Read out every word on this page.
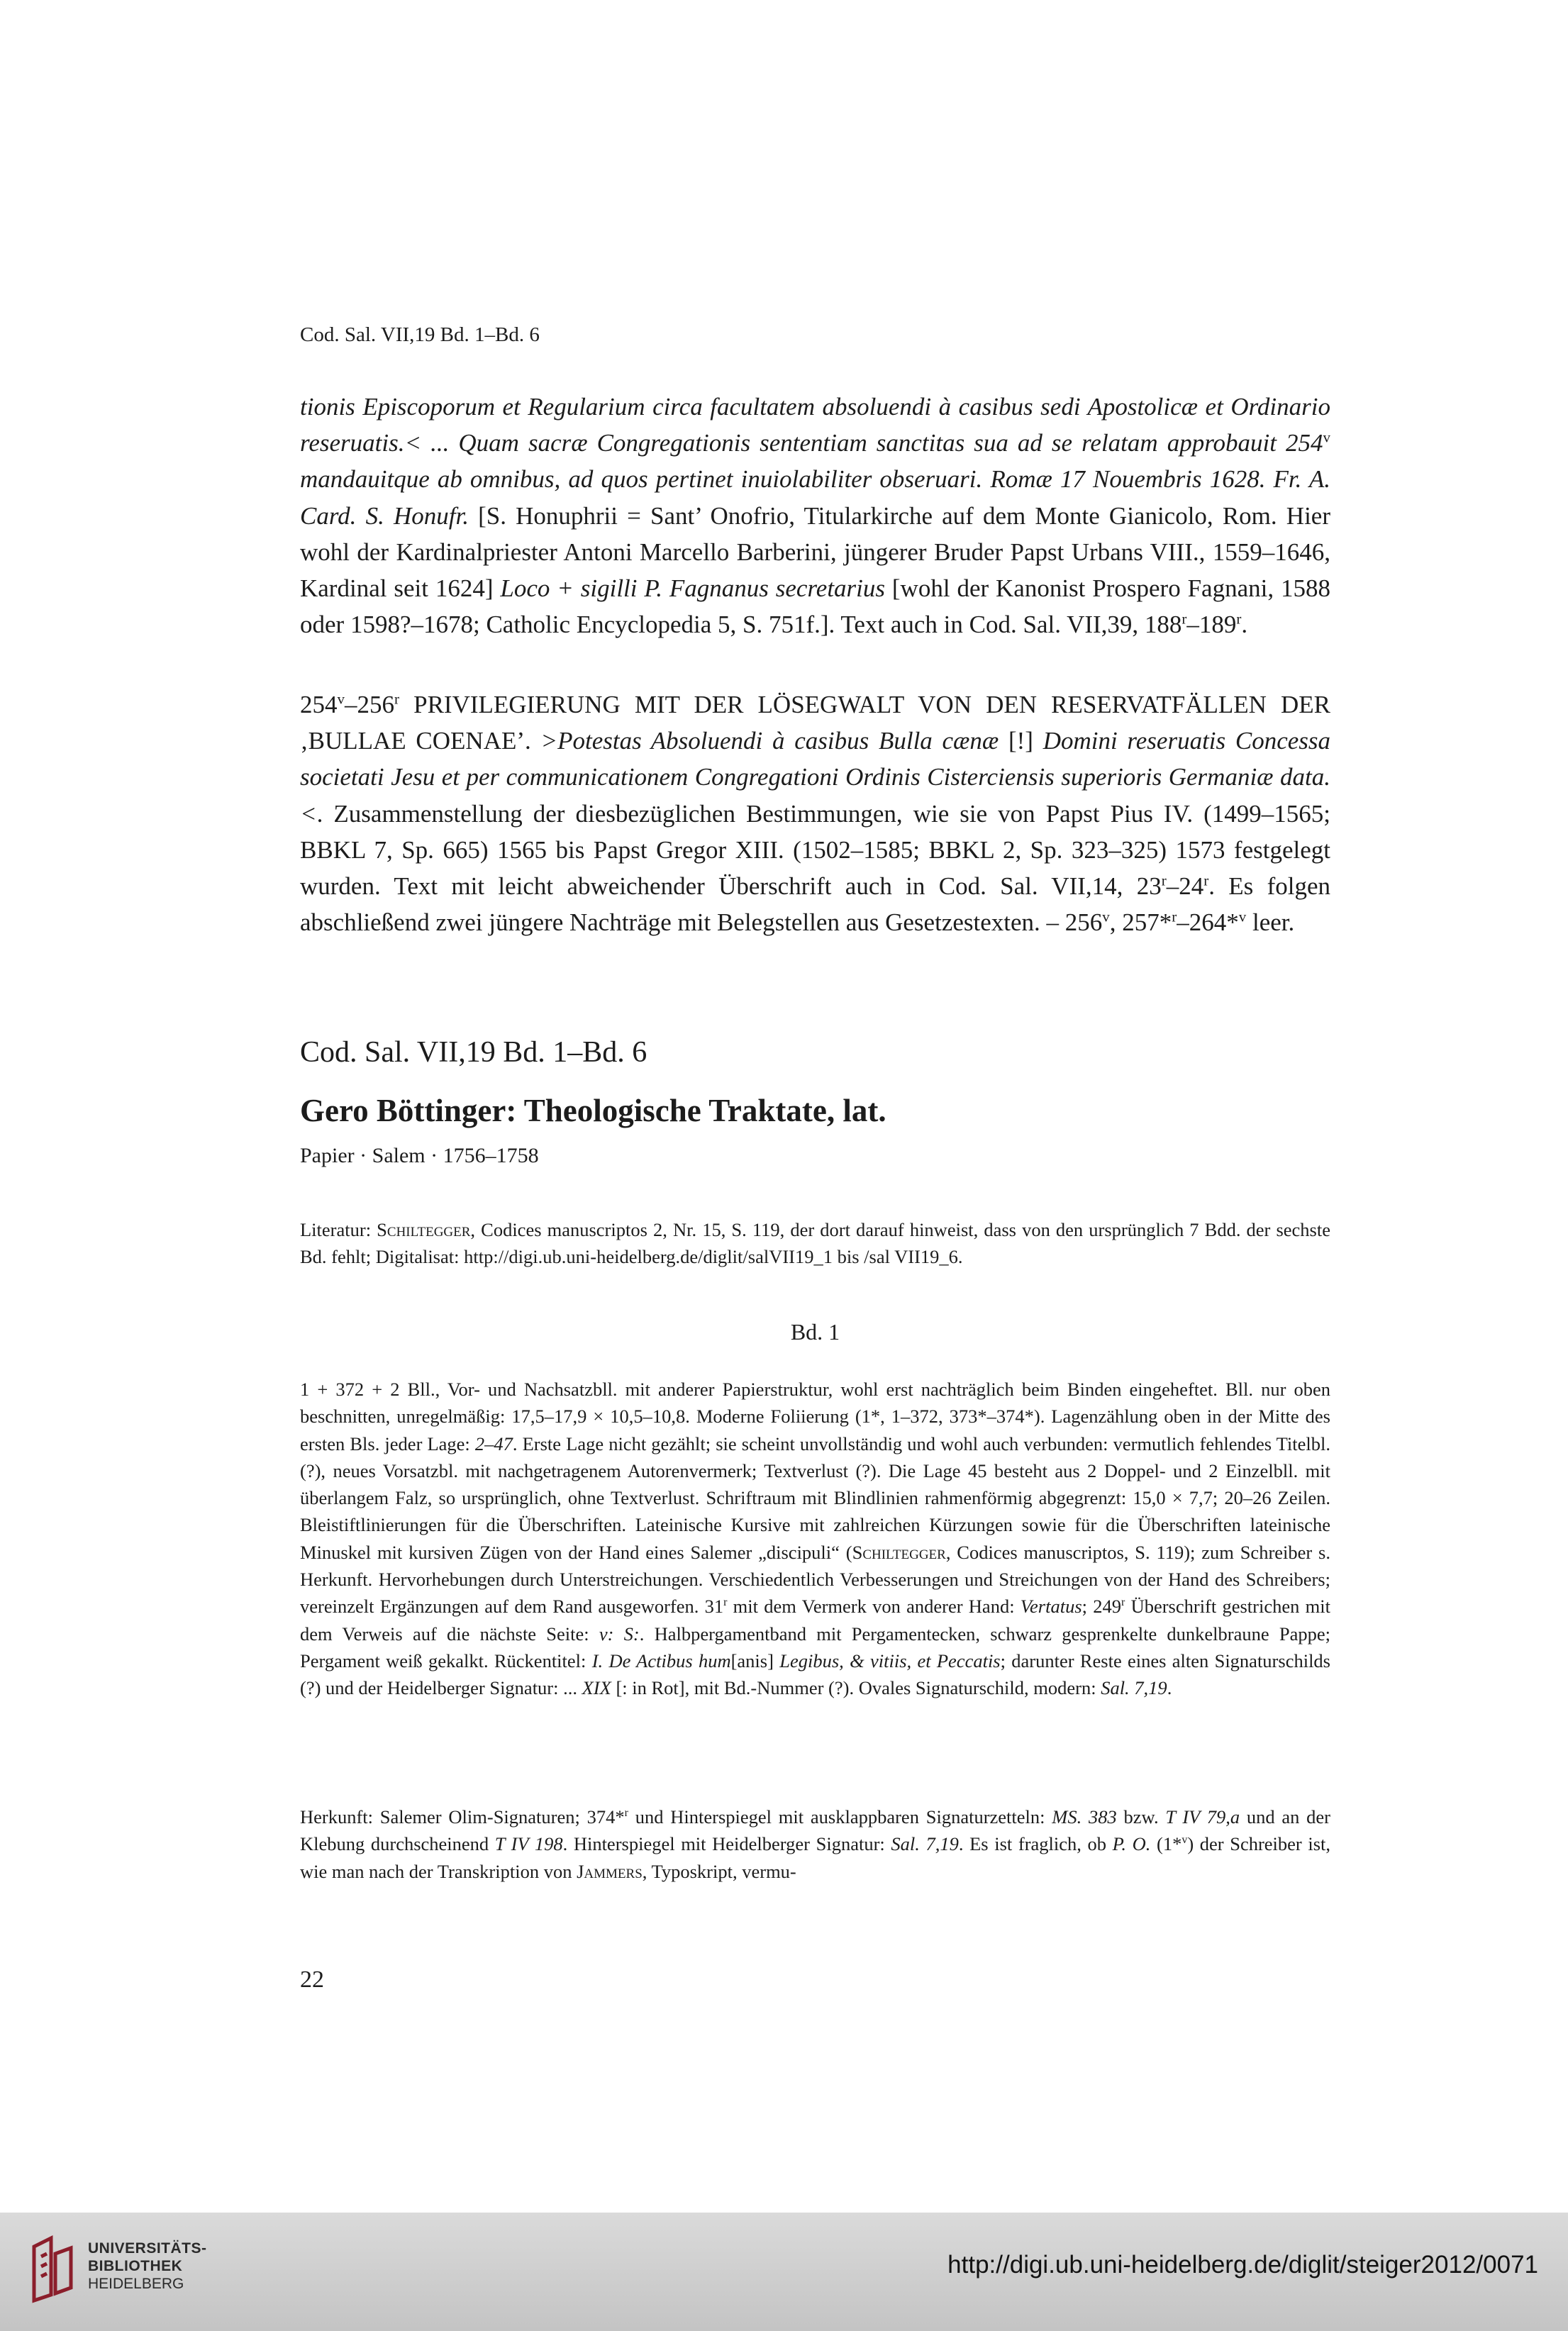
Cod. Sal. VII,19 Bd. 1–Bd. 6

tionis Episcoporum et Regularium circa facultatem absoluendi à casibus sedi Apostolicæ et Ordinario reseruatis.< ... Quam sacræ Congregationis sententiam sanctitas sua ad se relatam approbauit 254$^v$ mandauitque ab omnibus, ad quos pertinet inuiolabiliter obseruari. Romæ 17 Nouembris 1628. Fr. A. Card. S. Honufr. [S. Honuphrii = Sant’ Onofrio, Titularkirche auf dem Monte Gianicolo, Rom. Hier wohl der Kardinalpriester Antoni Marcello Barberini, jüngerer Bruder Papst Urbans VIII., 1559–1646, Kardinal seit 1624] Loco + sigilli P. Fagnanus secretarius [wohl der Kanonist Prospero Fagnani, 1588 oder 1598?–1678; Catholic Encyclopedia 5, S. 751f.]. Text auch in Cod. Sal. VII,39, 188$^r$–189$^r$.

254$^v$–256$^r$ PRIVILEGIERUNG MIT DER LÖSEGWALT VON DEN RESERVATFÄLLEN DER ‚BULLAE COENAE’. >Potestas Absoluendi à casibus Bulla cænæ [!] Domini reseruatis Concessa societati Jesu et per communicationem Congregationi Ordinis Cisterciensis superioris Germaniæ data.<. Zusammenstellung der diesbezüglichen Bestimmungen, wie sie von Papst Pius IV. (1499–1565; BBKL 7, Sp. 665) 1565 bis Papst Gregor XIII. (1502–1585; BBKL 2, Sp. 323–325) 1573 festgelegt wurden. Text mit leicht abweichender Überschrift auch in Cod. Sal. VII,14, 23$^r$–24$^r$. Es folgen abschließend zwei jüngere Nachträge mit Belegstellen aus Gesetzestexten. – 256$^v$, 257*$^r$–264*$^v$ leer.

Cod. Sal. VII,19 Bd. 1–Bd. 6

Gero Böttinger: Theologische Traktate, lat.

Papier · Salem · 1756–1758

Literatur: Schiltegger, Codices manuscriptos 2, Nr. 15, S. 119, der dort darauf hinweist, dass von den ursprünglich 7 Bdd. der sechste Bd. fehlt; Digitalisat: http://digi.ub.uni-heidelberg.de/diglit/salVII19_1 bis /sal VII19_6.

Bd. 1

1 + 372 + 2 Bll., Vor- und Nachsatzbll. mit anderer Papierstruktur, wohl erst nachträglich beim Binden eingeheftet. Bll. nur oben beschnitten, unregelmäßig: 17,5–17,9 × 10,5–10,8. Moderne Foliierung (1*, 1–372, 373*–374*). Lagenzählung oben in der Mitte des ersten Bls. jeder Lage: 2–47. Erste Lage nicht gezählt; sie scheint unvollständig und wohl auch verbunden: vermutlich fehlendes Titelbl. (?), neues Vorsatzbl. mit nachgetragenem Autorenvermerk; Textverlust (?). Die Lage 45 besteht aus 2 Doppel- und 2 Einzelbll. mit überlangem Falz, so ursprünglich, ohne Textverlust. Schriftraum mit Blindlinien rahmenförmig abgegrenzt: 15,0 × 7,7; 20–26 Zeilen. Bleistiftlinierungen für die Überschriften. Lateinische Kursive mit zahlreichen Kürzungen sowie für die Überschriften lateinische Minuskel mit kursiven Zügen von der Hand eines Salemer „discipuli“ (Schiltegger, Codices manuscriptos, S. 119); zum Schreiber s. Herkunft. Hervorhebungen durch Unterstreichungen. Verschiedentlich Verbesserungen und Streichungen von der Hand des Schreibers; vereinzelt Ergänzungen auf dem Rand ausgeworfen. 31$^r$ mit dem Vermerk von anderer Hand: Vertatus; 249$^r$ Überschrift gestrichen mit dem Verweis auf die nächste Seite: v: S:. Halbpergamentband mit Pergamentecken, schwarz gesprenkelte dunkelbraune Pappe; Pergament weiß gekalkt. Rückentitel: I. De Actibus hum[anis] Legibus, & vitiis, et Peccatis; darunter Reste eines alten Signaturschilds (?) und der Heidelberger Signatur: ... XIX [: in Rot], mit Bd.-Nummer (?). Ovales Signaturschild, modern: Sal. 7,19.

Herkunft: Salemer Olim-Signaturen; 374*$^r$ und Hinterspiegel mit ausklappbaren Signaturzetteln: MS. 383 bzw. T IV 79,a und an der Klebung durchscheinend T IV 198. Hinterspiegel mit Heidelberger Signatur: Sal. 7,19. Es ist fraglich, ob P. O. (1*$^v$) der Schreiber ist, wie man nach der Transkription von Jammers, Typoskript, vermu-

22

UNIVERSITÄTS-
BIBLIOTHEK
HEIDELBERG
http://digi.ub.uni-heidelberg.de/diglit/steiger2012/0071
